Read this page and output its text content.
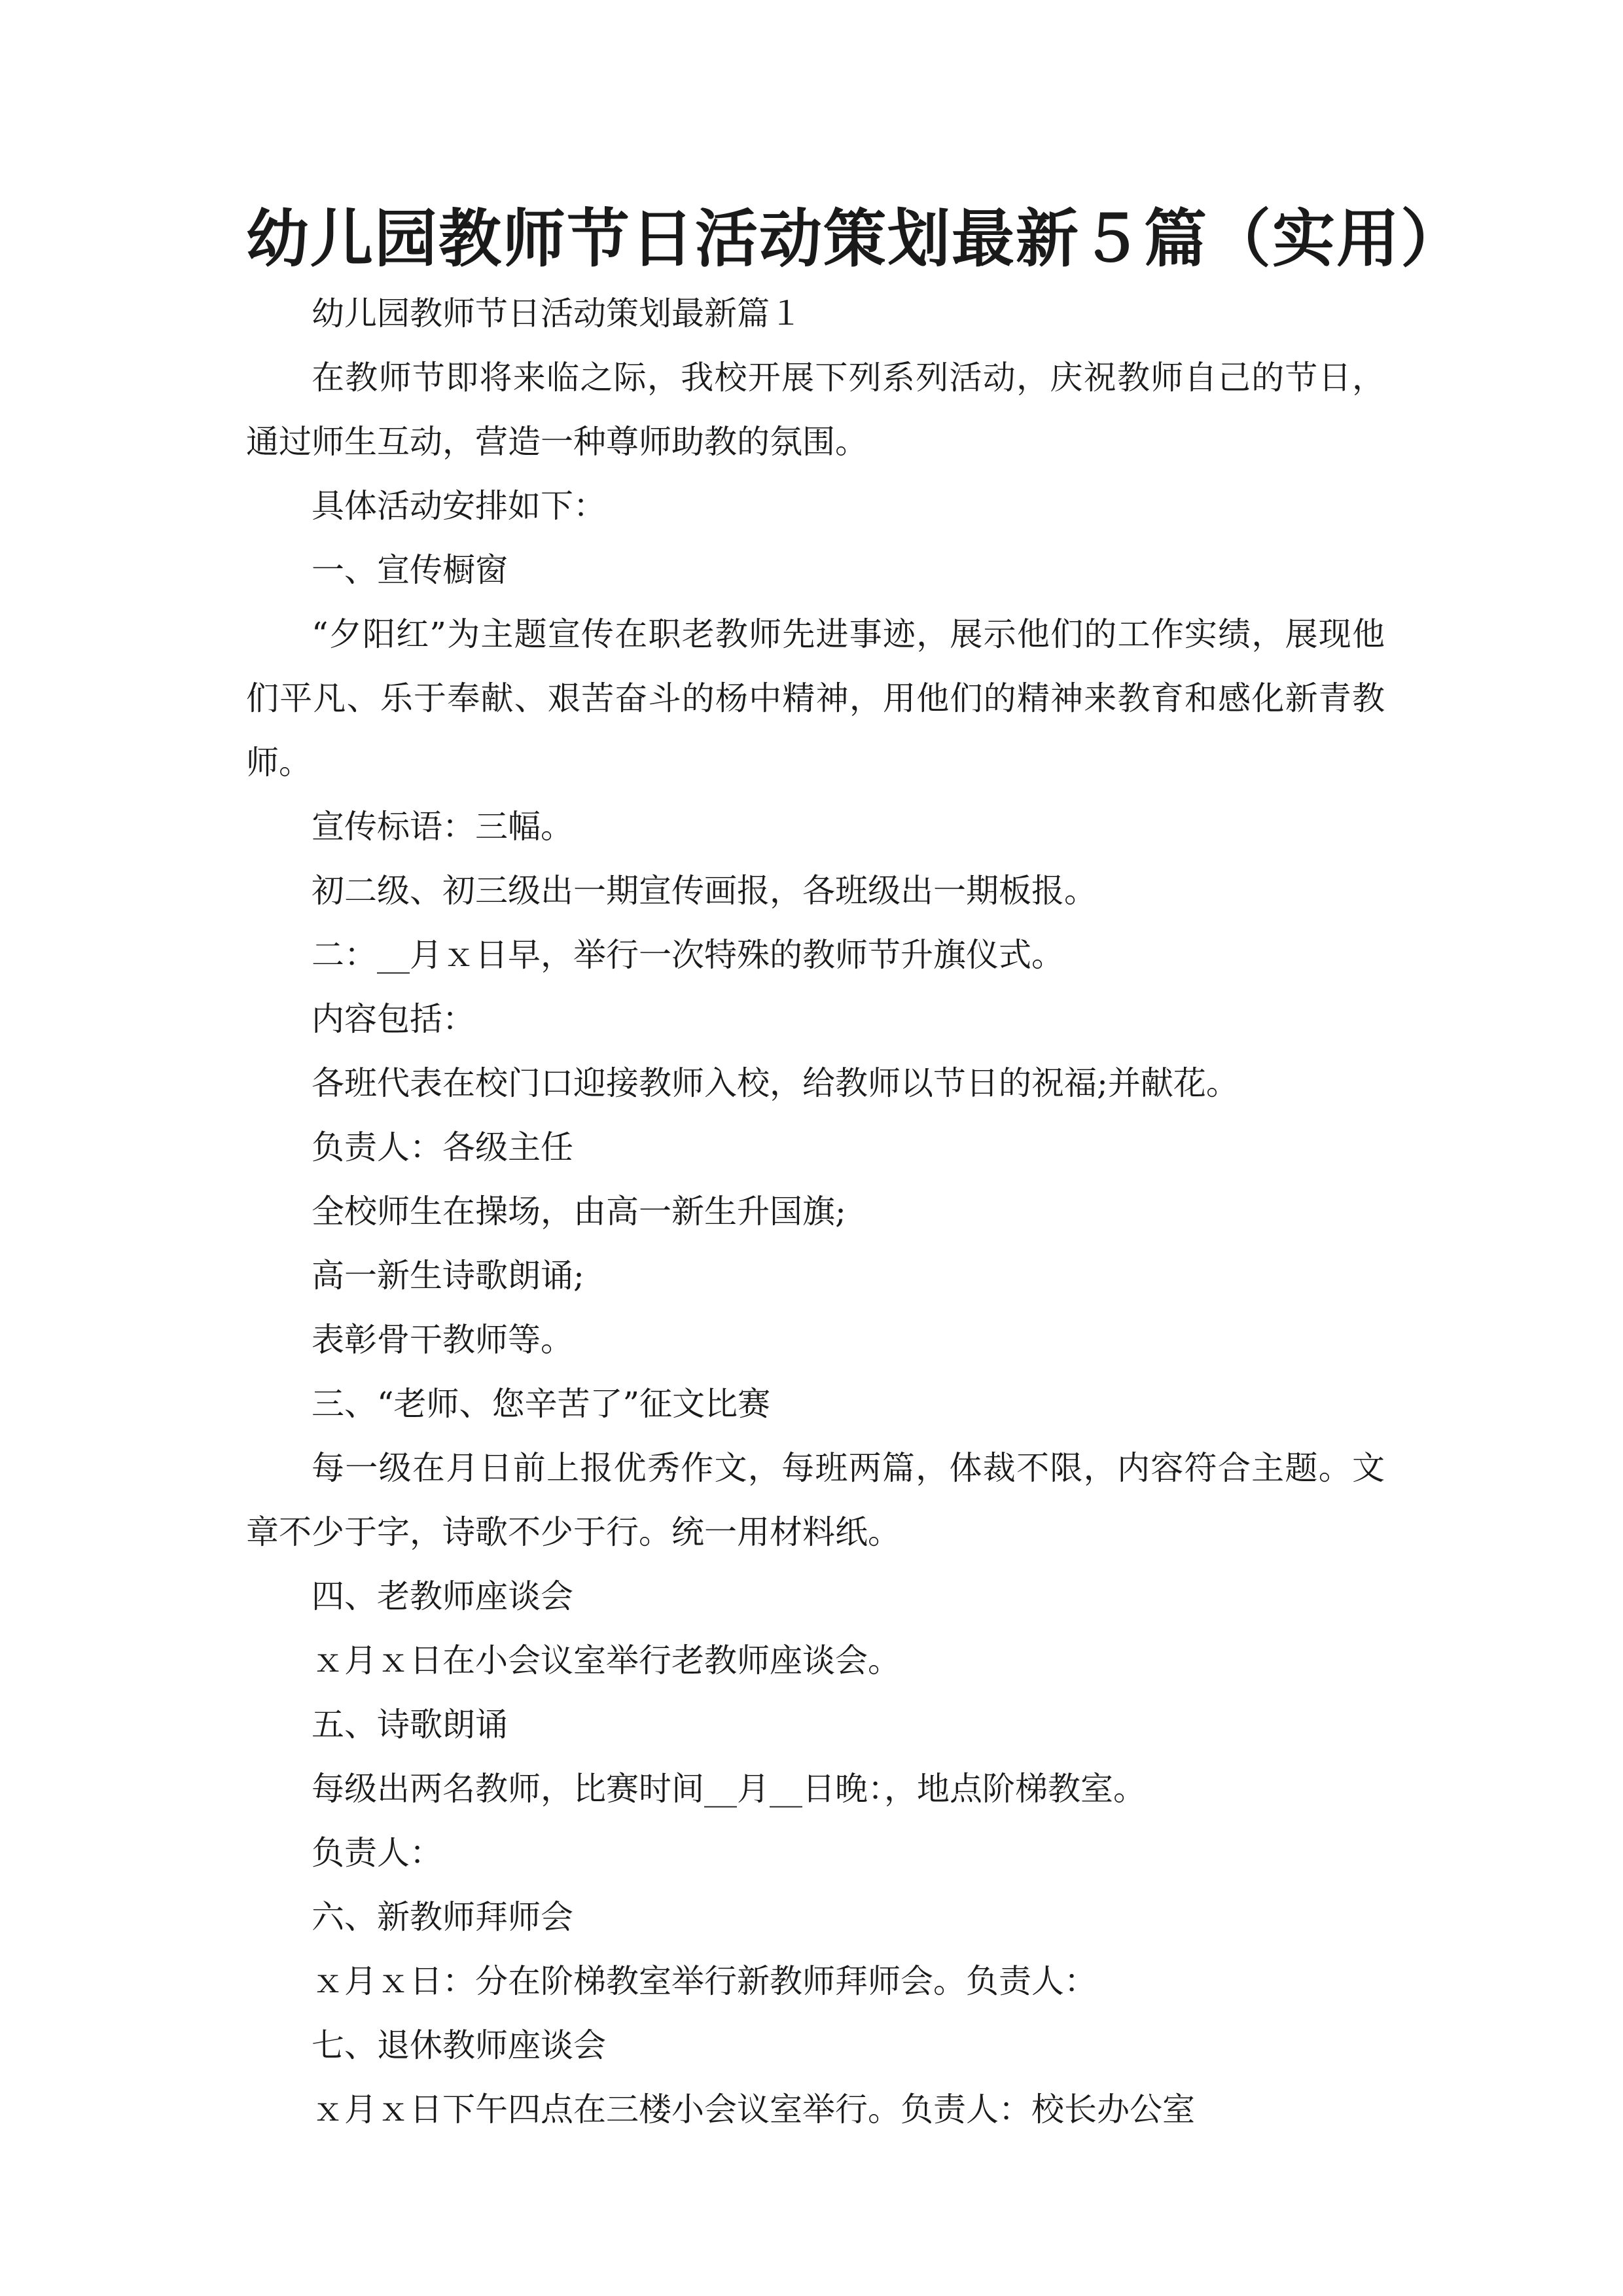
幼儿园教师节日活动策划最新５篇（实用）

幼儿园教师节日活动策划最新篇１

在教师节即将来临之际，我校开展下列系列活动，庆祝教师自己的节日，通过师生互动，营造一种尊师助教的氛围。

具体活动安排如下：

一、宣传橱窗

“夕阳红”为主题宣传在职老教师先进事迹，展示他们的工作实绩，展现他们平凡、乐于奉献、艰苦奋斗的杨中精神，用他们的精神来教育和感化新青教师。

宣传标语：三幅。

初二级、初三级出一期宣传画报，各班级出一期板报。

二：__月ｘ日早，举行一次特殊的教师节升旗仪式。

内容包括：

各班代表在校门口迎接教师入校，给教师以节日的祝福;并献花。

负责人：各级主任

全校师生在操场，由高一新生升国旗;

高一新生诗歌朗诵;

表彰骨干教师等。

三、“老师、您辛苦了”征文比赛

每一级在月日前上报优秀作文，每班两篇，体裁不限，内容符合主题。文章不少于字，诗歌不少于行。统一用材料纸。

四、老教师座谈会

ｘ月ｘ日在小会议室举行老教师座谈会。

五、诗歌朗诵

每级出两名教师，比赛时间__月__日晚：，地点阶梯教室。

负责人：

六、新教师拜师会

ｘ月ｘ日：分在阶梯教室举行新教师拜师会。负责人：

七、退休教师座谈会

ｘ月ｘ日下午四点在三楼小会议室举行。负责人：校长办公室
